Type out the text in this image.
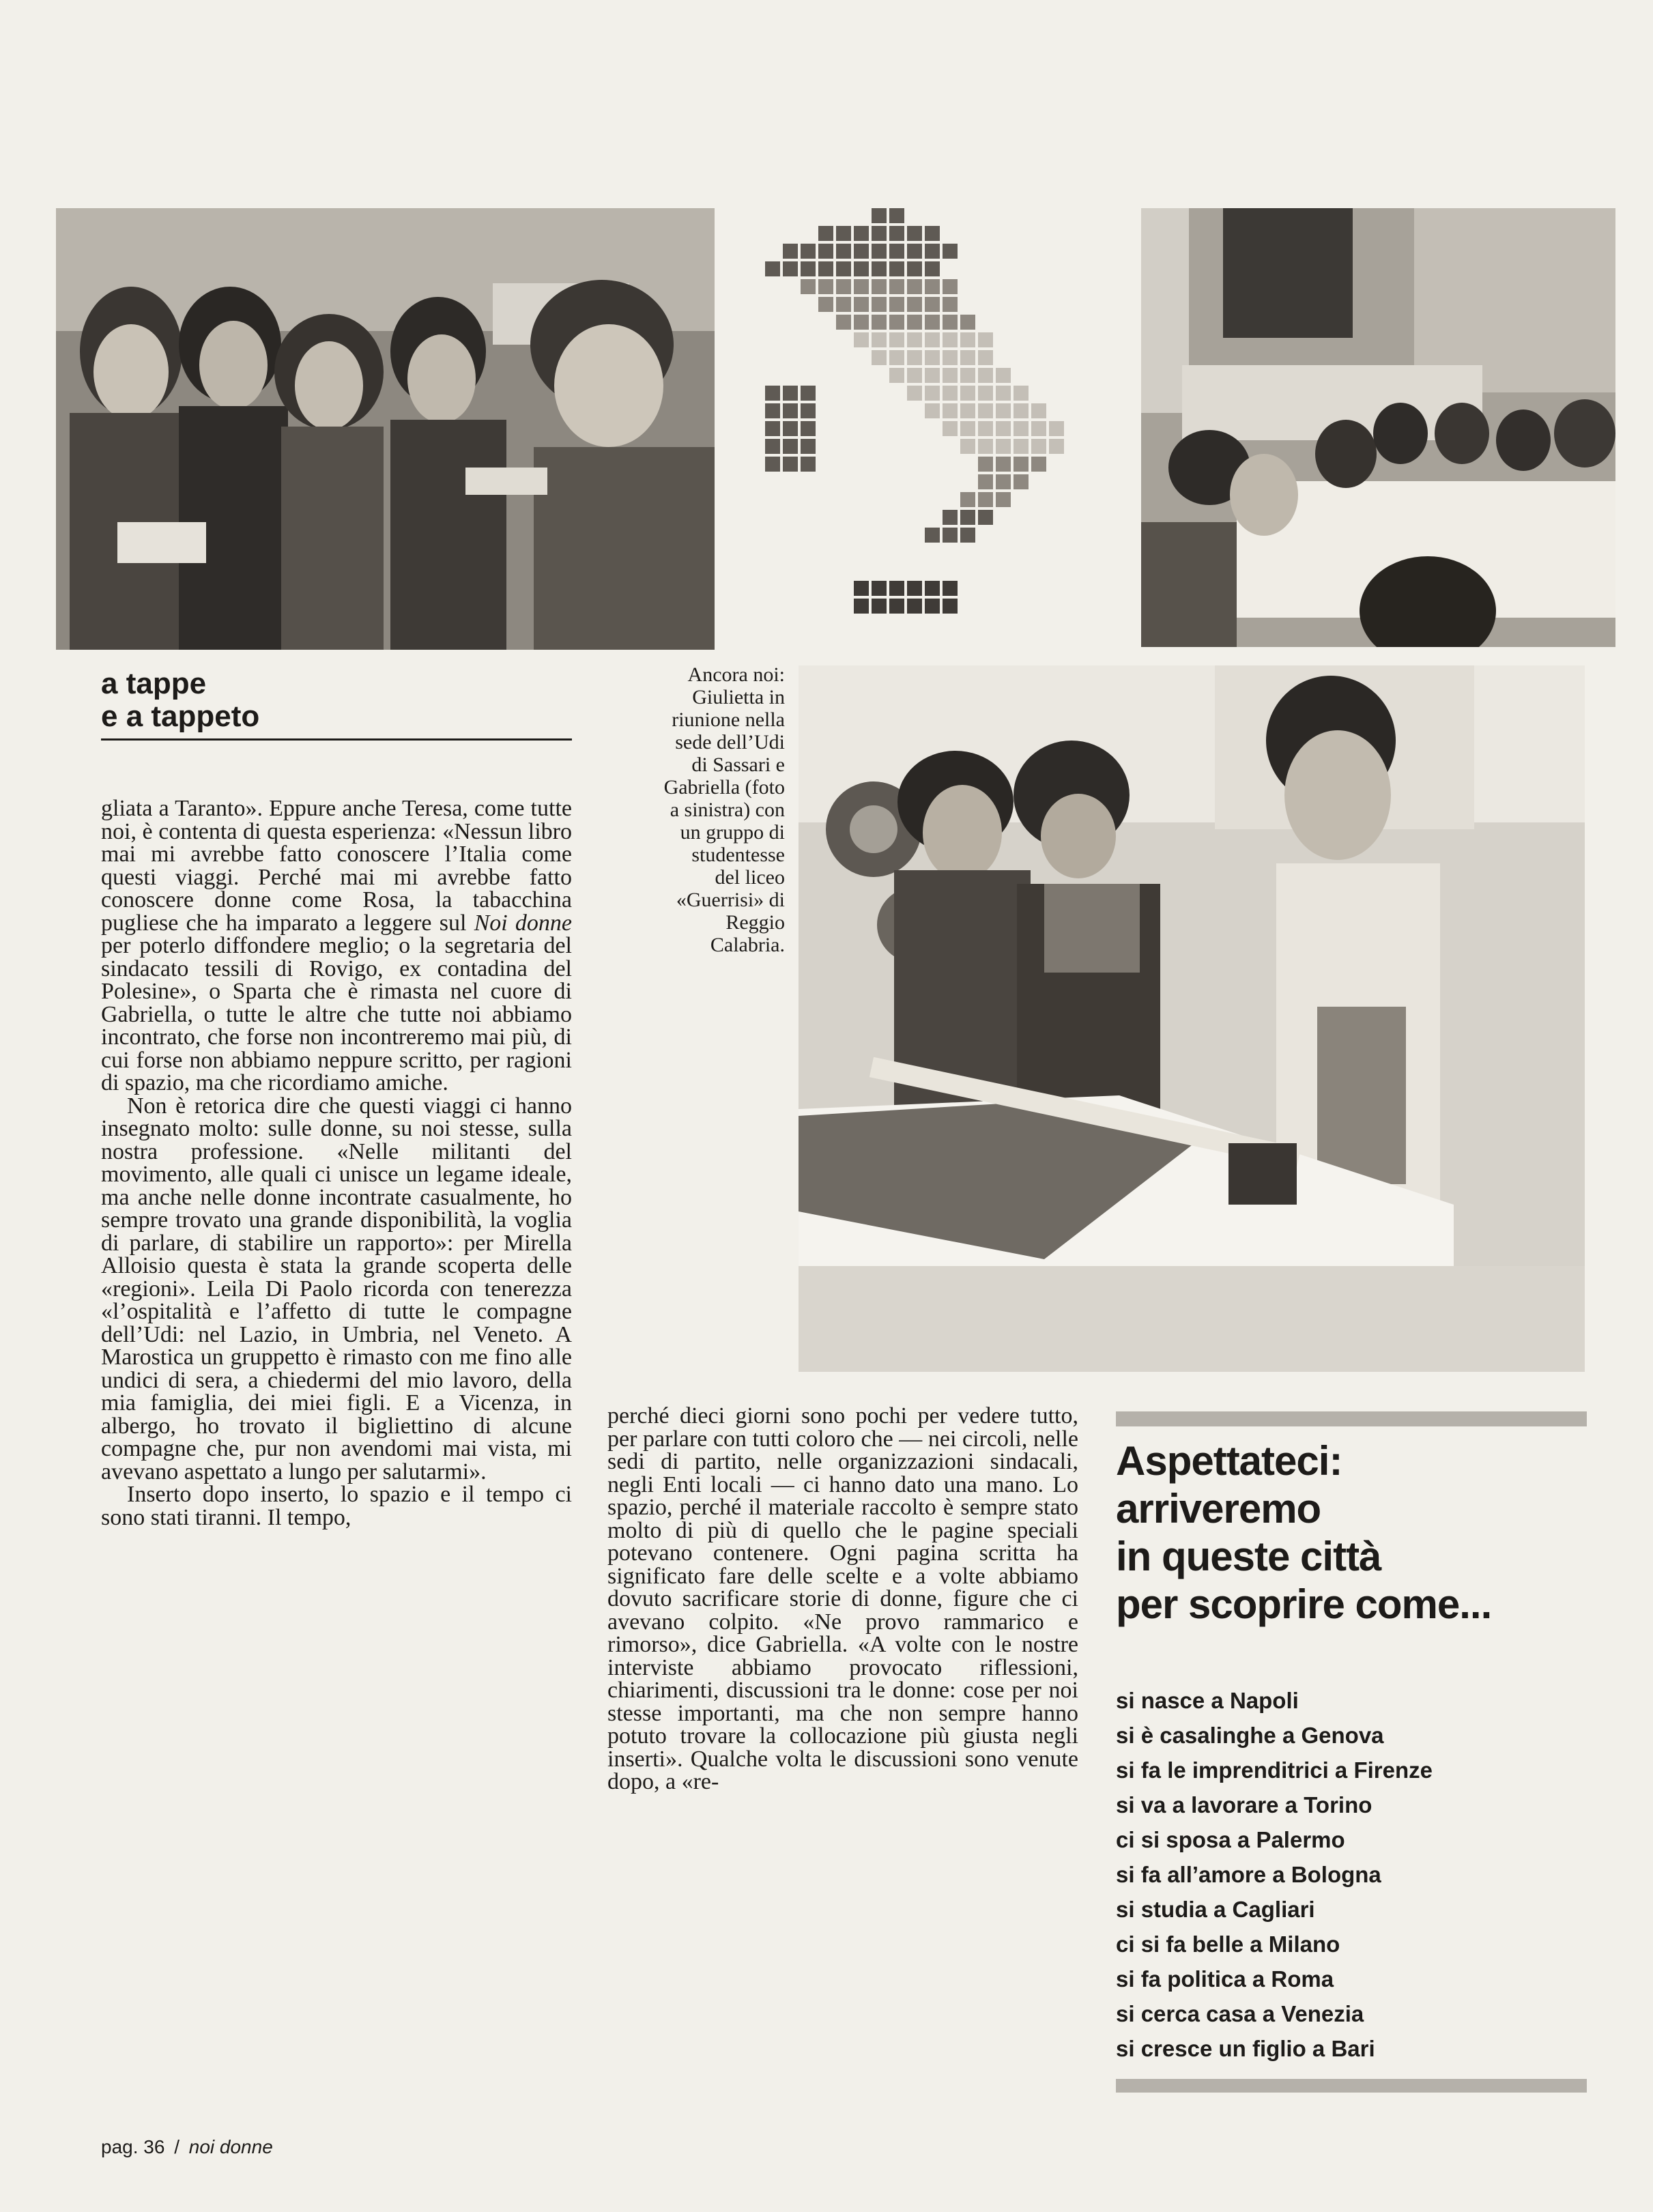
a tappe
e a tappeto
Ancora noi:
Giulietta in
riunione nella
sede dell’Udi
di Sassari e
Gabriella (foto
a sinistra) con
un gruppo di
studentesse
del liceo
«Guerrisi» di
Reggio
Calabria.

gliata a Taranto». Eppure anche Teresa, come tutte noi, è contenta di questa esperienza: «Nessun libro mai mi avrebbe fatto conoscere l’Italia come questi viaggi. Perché mai mi avrebbe fatto conoscere donne come Rosa, la tabacchina pugliese che ha imparato a leggere sul Noi donne per poterlo diffondere meglio; o la segretaria del sindacato tessili di Rovigo, ex contadina del Polesine», o Sparta che è rimasta nel cuore di Gabriella, o tutte le altre che tutte noi abbiamo incontrato, che forse non incontreremo mai più, di cui forse non abbiamo neppure scritto, per ragioni di spazio, ma che ricordiamo amiche.

Non è retorica dire che questi viaggi ci hanno insegnato molto: sulle donne, su noi stesse, sulla nostra professione. «Nelle militanti del movimento, alle quali ci unisce un legame ideale, ma anche nelle donne incontrate casualmente, ho sempre trovato una grande disponibilità, la voglia di parlare, di stabilire un rapporto»: per Mirella Alloisio questa è stata la grande scoperta delle «regioni». Leila Di Paolo ricorda con tenerezza «l’ospitalità e l’affetto di tutte le compagne dell’Udi: nel Lazio, in Umbria, nel Veneto. A Marostica un gruppetto è rimasto con me fino alle undici di sera, a chiedermi del mio lavoro, della mia famiglia, dei miei figli. E a Vicenza, in albergo, ho trovato il bigliettino di alcune compagne che, pur non avendomi mai vista, mi avevano aspettato a lungo per salutarmi».

Inserto dopo inserto, lo spazio e il tempo ci sono stati tiranni. Il tempo,

perché dieci giorni sono pochi per vedere tutto, per parlare con tutti coloro che — nei circoli, nelle sedi di partito, nelle organizzazioni sindacali, negli Enti locali — ci hanno dato una mano. Lo spazio, perché il materiale raccolto è sempre stato molto di più di quello che le pagine speciali potevano contenere. Ogni pagina scritta ha significato fare delle scelte e a volte abbiamo dovuto sacrificare storie di donne, figure che ci avevano colpito. «Ne provo rammarico e rimorso», dice Gabriella. «A volte con le nostre interviste abbiamo provocato riflessioni, chiarimenti, discussioni tra le donne: cose per noi stesse importanti, ma che non sempre hanno potuto trovare la collocazione più giusta negli inserti». Qualche volta le discussioni sono venute dopo, a «re-

Aspettateci:
arriveremo
in queste città
per scoprire come...
si nasce a Napoli
si è casalinghe a Genova
si fa le imprenditrici a Firenze
si va a lavorare a Torino
ci si sposa a Palermo
si fa all’amore a Bologna
si studia a Cagliari
ci si fa belle a Milano
si fa politica a Roma
si cerca casa a Venezia
si cresce un figlio a Bari
pag. 36 / noi donne
